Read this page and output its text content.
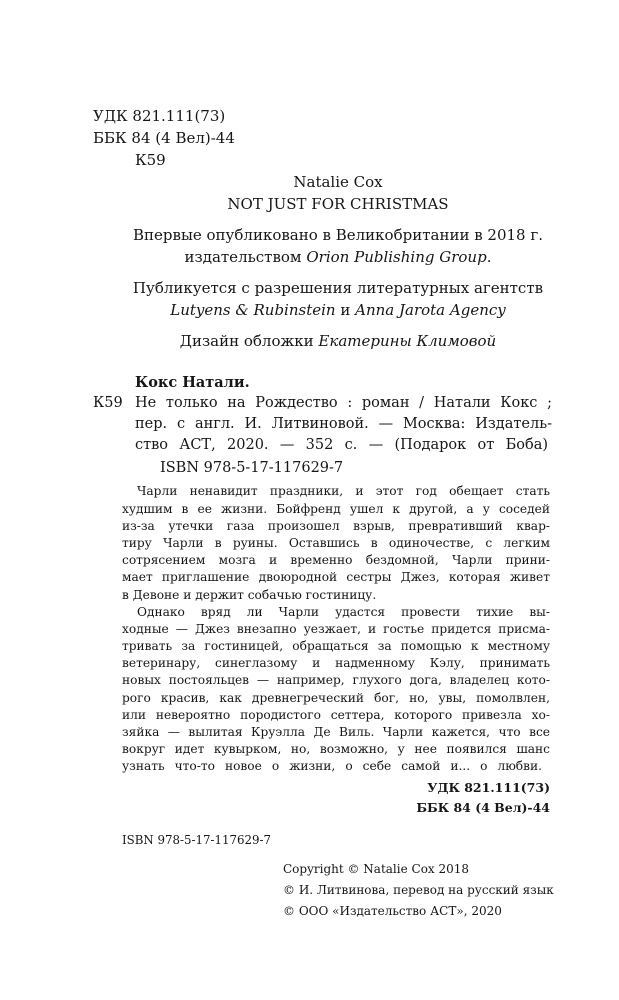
УДК 821.111(73)
ББК 84 (4 Вел)-44
К59
Natalie Cox
NOT JUST FOR CHRISTMAS
Впервые опубликовано в Великобритании в 2018 г.
издательством Orion Publishing Group.
Публикуется с разрешения литературных агентств
Lutyens & Rubinstein и Anna Jarota Agency
Дизайн обложки Екатерины Климовой
Кокс Натали.
К59 Не только на Рождество : роман / Натали Кокс ;
пер. с англ. И. Литвиновой. — Москва: Издатель-
ство АСТ, 2020. — 352 с. — (Подарок от Боба)
ISBN 978-5-17-117629-7
Чарли ненавидит праздники, и этот год обещает стать
худшим в ее жизни. Бойфренд ушел к другой, а у соседей
из-за утечки газа произошел взрыв, превративший квар-
тиру Чарли в руины. Оставшись в одиночестве, с легким
сотрясением мозга и временно бездомной, Чарли прини-
мает приглашение двоюродной сестры Джез, которая живет
в Девоне и держит собачью гостиницу.
Однако вряд ли Чарли удастся провести тихие вы-
ходные — Джез внезапно уезжает, и гостье придется присма-
тривать за гостиницей, обращаться за помощью к местному
ветеринару, синеглазому и надменному Кэлу, принимать
новых постояльцев — например, глухого дога, владелец кото-
рого красив, как древнегреческий бог, но, увы, помолвлен,
или невероятно породистого сеттера, которого привезла хо-
зяйка — вылитая Круэлла Де Виль. Чарли кажется, что все
вокруг идет кувырком, но, возможно, у нее появился шанс
узнать что-то новое о жизни, о себе самой и... о любви.
УДК 821.111(73)
ББК 84 (4 Вел)-44
ISBN 978-5-17-117629-7
Copyright © Natalie Cox 2018
© И. Литвинова, перевод на русский язык
© ООО «Издательство АСТ», 2020
